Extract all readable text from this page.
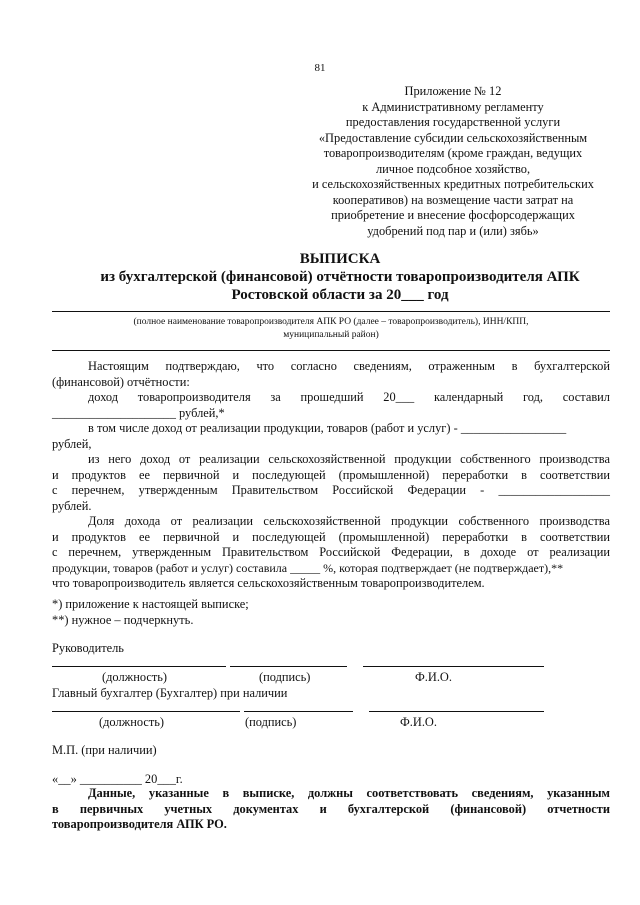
81
Приложение № 12
к Административному регламенту
предоставления государственной услуги
«Предоставление субсидии сельскохозяйственным
товаропроизводителям (кроме граждан, ведущих
личное подсобное хозяйство,
и сельскохозяйственных кредитных потребительских
кооперативов) на возмещение части затрат на
приобретение и внесение фосфорсодержащих
удобрений под пар и (или) зябь»
ВЫПИСКА
из бухгалтерской (финансовой) отчётности товаропроизводителя АПК
Ростовской области за 20___ год
(полное наименование товаропроизводителя АПК РО (далее – товаропроизводитель), ИНН/КПП,
муниципальный район)

Настоящим подтверждаю, что согласно сведениям, отраженным в бухгалтерской

(финансовой) отчётности:

доход товаропроизводителя за прошедший 20___ календарный год, составил

____________________ рублей,*

в том числе доход от реализации продукции, товаров (работ и услуг) - _________________

рублей,

из него доход от реализации сельскохозяйственной продукции собственного производства

и продуктов ее первичной и последующей (промышленной) переработки в соответствии

с перечнем, утвержденным Правительством Российской Федерации - __________________

рублей.

Доля дохода от реализации сельскохозяйственной продукции собственного производства

и продуктов ее первичной и последующей (промышленной) переработки в соответствии

с перечнем, утвержденным Правительством Российской Федерации, в доходе от реализации

продукции, товаров (работ и услуг) составила _____ %, которая подтверждает (не подтверждает),**

что товаропроизводитель является сельскохозяйственным товаропроизводителем.

*) приложение к настоящей выписке;

**) нужное – подчеркнуть.

Руководитель
(должность)	(подпись)	Ф.И.О.
Главный бухгалтер (Бухгалтер) при наличии
(должность)	(подпись)	Ф.И.О.
М.П. (при наличии)
«__» __________ 20___г.
Данные, указанные в выписке, должны соответствовать сведениям, указанным
в первичных учетных документах и бухгалтерской (финансовой) отчетности
товаропроизводителя АПК РО.
